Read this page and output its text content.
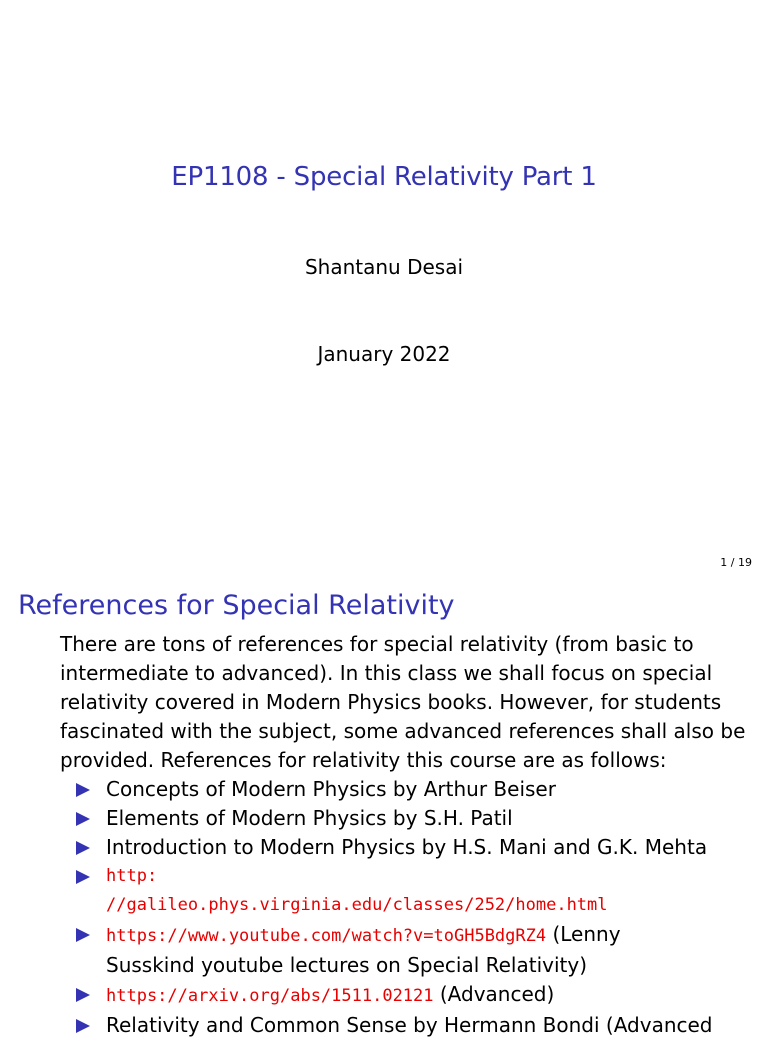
EP1108 - Special Relativity Part 1
Shantanu Desai
January 2022
1 / 19
References for Special Relativity

There are tons of references for special relativity (from basic to
intermediate to advanced). In this class we shall focus on special
relativity covered in Modern Physics books. However, for students
fascinated with the subject, some advanced references shall also be
provided. References for relativity this course are as follows:

Concepts of Modern Physics by Arthur Beiser
Elements of Modern Physics by S.H. Patil
Introduction to Modern Physics by H.S. Mani and G.K. Mehta
http:
//galileo.phys.virginia.edu/classes/252/home.html
https://www.youtube.com/watch?v=toGH5BdgRZ4 (Lenny
Susskind youtube lectures on Special Relativity)
https://arxiv.org/abs/1511.02121 (Advanced)
Relativity and Common Sense by Hermann Bondi (Advanced
